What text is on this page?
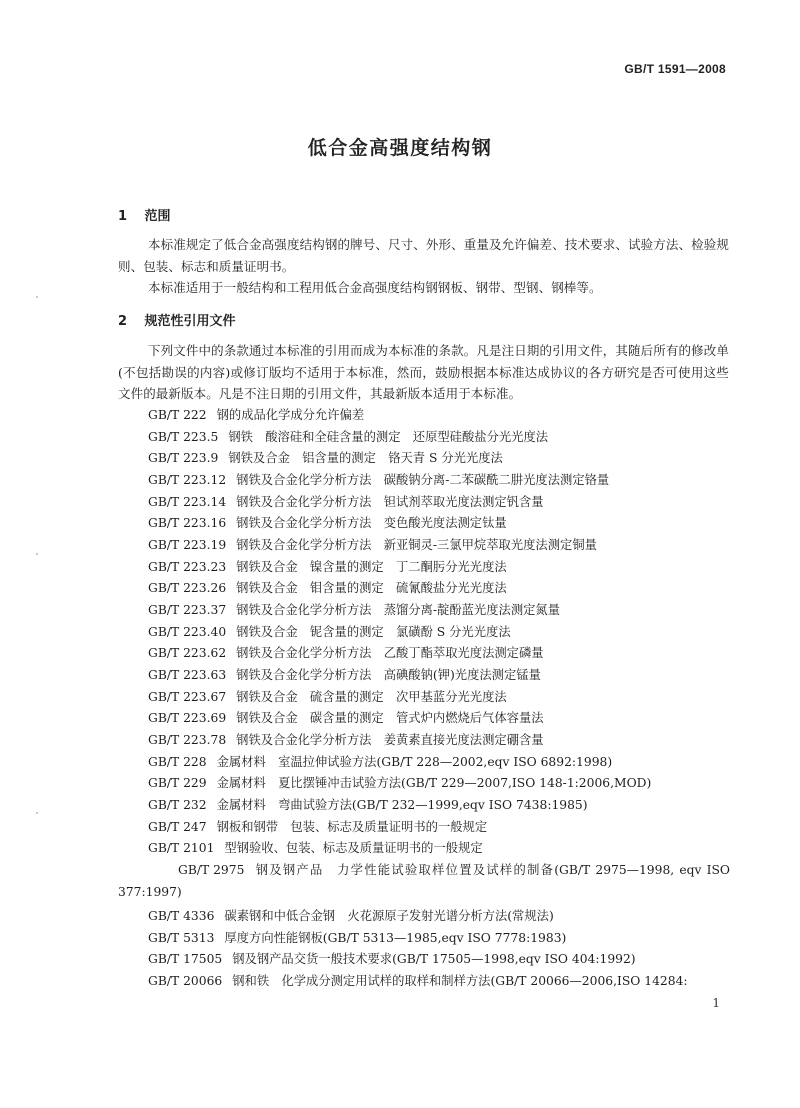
GB/T 1591—2008
低合金高强度结构钢
1 范围
本标准规定了低合金高强度结构钢的牌号、尺寸、外形、重量及允许偏差、技术要求、试验方法、检验规则、包装、标志和质量证明书。
本标准适用于一般结构和工程用低合金高强度结构钢钢板、钢带、型钢、钢棒等。
2 规范性引用文件
下列文件中的条款通过本标准的引用而成为本标准的条款。凡是注日期的引用文件，其随后所有的修改单(不包括勘误的内容)或修订版均不适用于本标准，然而，鼓励根据本标准达成协议的各方研究是否可使用这些文件的最新版本。凡是不注日期的引用文件，其最新版本适用于本标准。
GB/T 222 钢的成品化学成分允许偏差
GB/T 223.5 钢铁　酸溶硅和全硅含量的测定　还原型硅酸盐分光光度法
GB/T 223.9 钢铁及合金　铝含量的测定　铬天青 S 分光光度法
GB/T 223.12 钢铁及合金化学分析方法　碳酸钠分离-二苯碳酰二肼光度法测定铬量
GB/T 223.14 钢铁及合金化学分析方法　钽试剂萃取光度法测定钒含量
GB/T 223.16 钢铁及合金化学分析方法　变色酸光度法测定钛量
GB/T 223.19 钢铁及合金化学分析方法　新亚铜灵-三氯甲烷萃取光度法测定铜量
GB/T 223.23 钢铁及合金　镍含量的测定　丁二酮肟分光光度法
GB/T 223.26 钢铁及合金　钼含量的测定　硫氰酸盐分光光度法
GB/T 223.37 钢铁及合金化学分析方法　蒸馏分离-靛酚蓝光度法测定氮量
GB/T 223.40 钢铁及合金　铌含量的测定　氯磺酚 S 分光光度法
GB/T 223.62 钢铁及合金化学分析方法　乙酸丁酯萃取光度法测定磷量
GB/T 223.63 钢铁及合金化学分析方法　高碘酸钠(钾)光度法测定锰量
GB/T 223.67 钢铁及合金　硫含量的测定　次甲基蓝分光光度法
GB/T 223.69 钢铁及合金　碳含量的测定　管式炉内燃烧后气体容量法
GB/T 223.78 钢铁及合金化学分析方法　姜黄素直接光度法测定硼含量
GB/T 228 金属材料　室温拉伸试验方法(GB/T 228—2002,eqv ISO 6892:1998)
GB/T 229 金属材料　夏比摆锤冲击试验方法(GB/T 229—2007,ISO 148-1:2006,MOD)
GB/T 232 金属材料　弯曲试验方法(GB/T 232—1999,eqv ISO 7438:1985)
GB/T 247 钢板和钢带　包装、标志及质量证明书的一般规定
GB/T 2101 型钢验收、包装、标志及质量证明书的一般规定
GB/T 2975 钢及钢产品　力学性能试验取样位置及试样的制备(GB/T 2975—1998, eqv ISO 377:1997)
GB/T 4336 碳素钢和中低合金钢　火花源原子发射光谱分析方法(常规法)
GB/T 5313 厚度方向性能钢板(GB/T 5313—1985,eqv ISO 7778:1983)
GB/T 17505 钢及钢产品交货一般技术要求(GB/T 17505—1998,eqv ISO 404:1992)
GB/T 20066 钢和铁　化学成分测定用试样的取样和制样方法(GB/T 20066—2006,ISO 14284:
1
